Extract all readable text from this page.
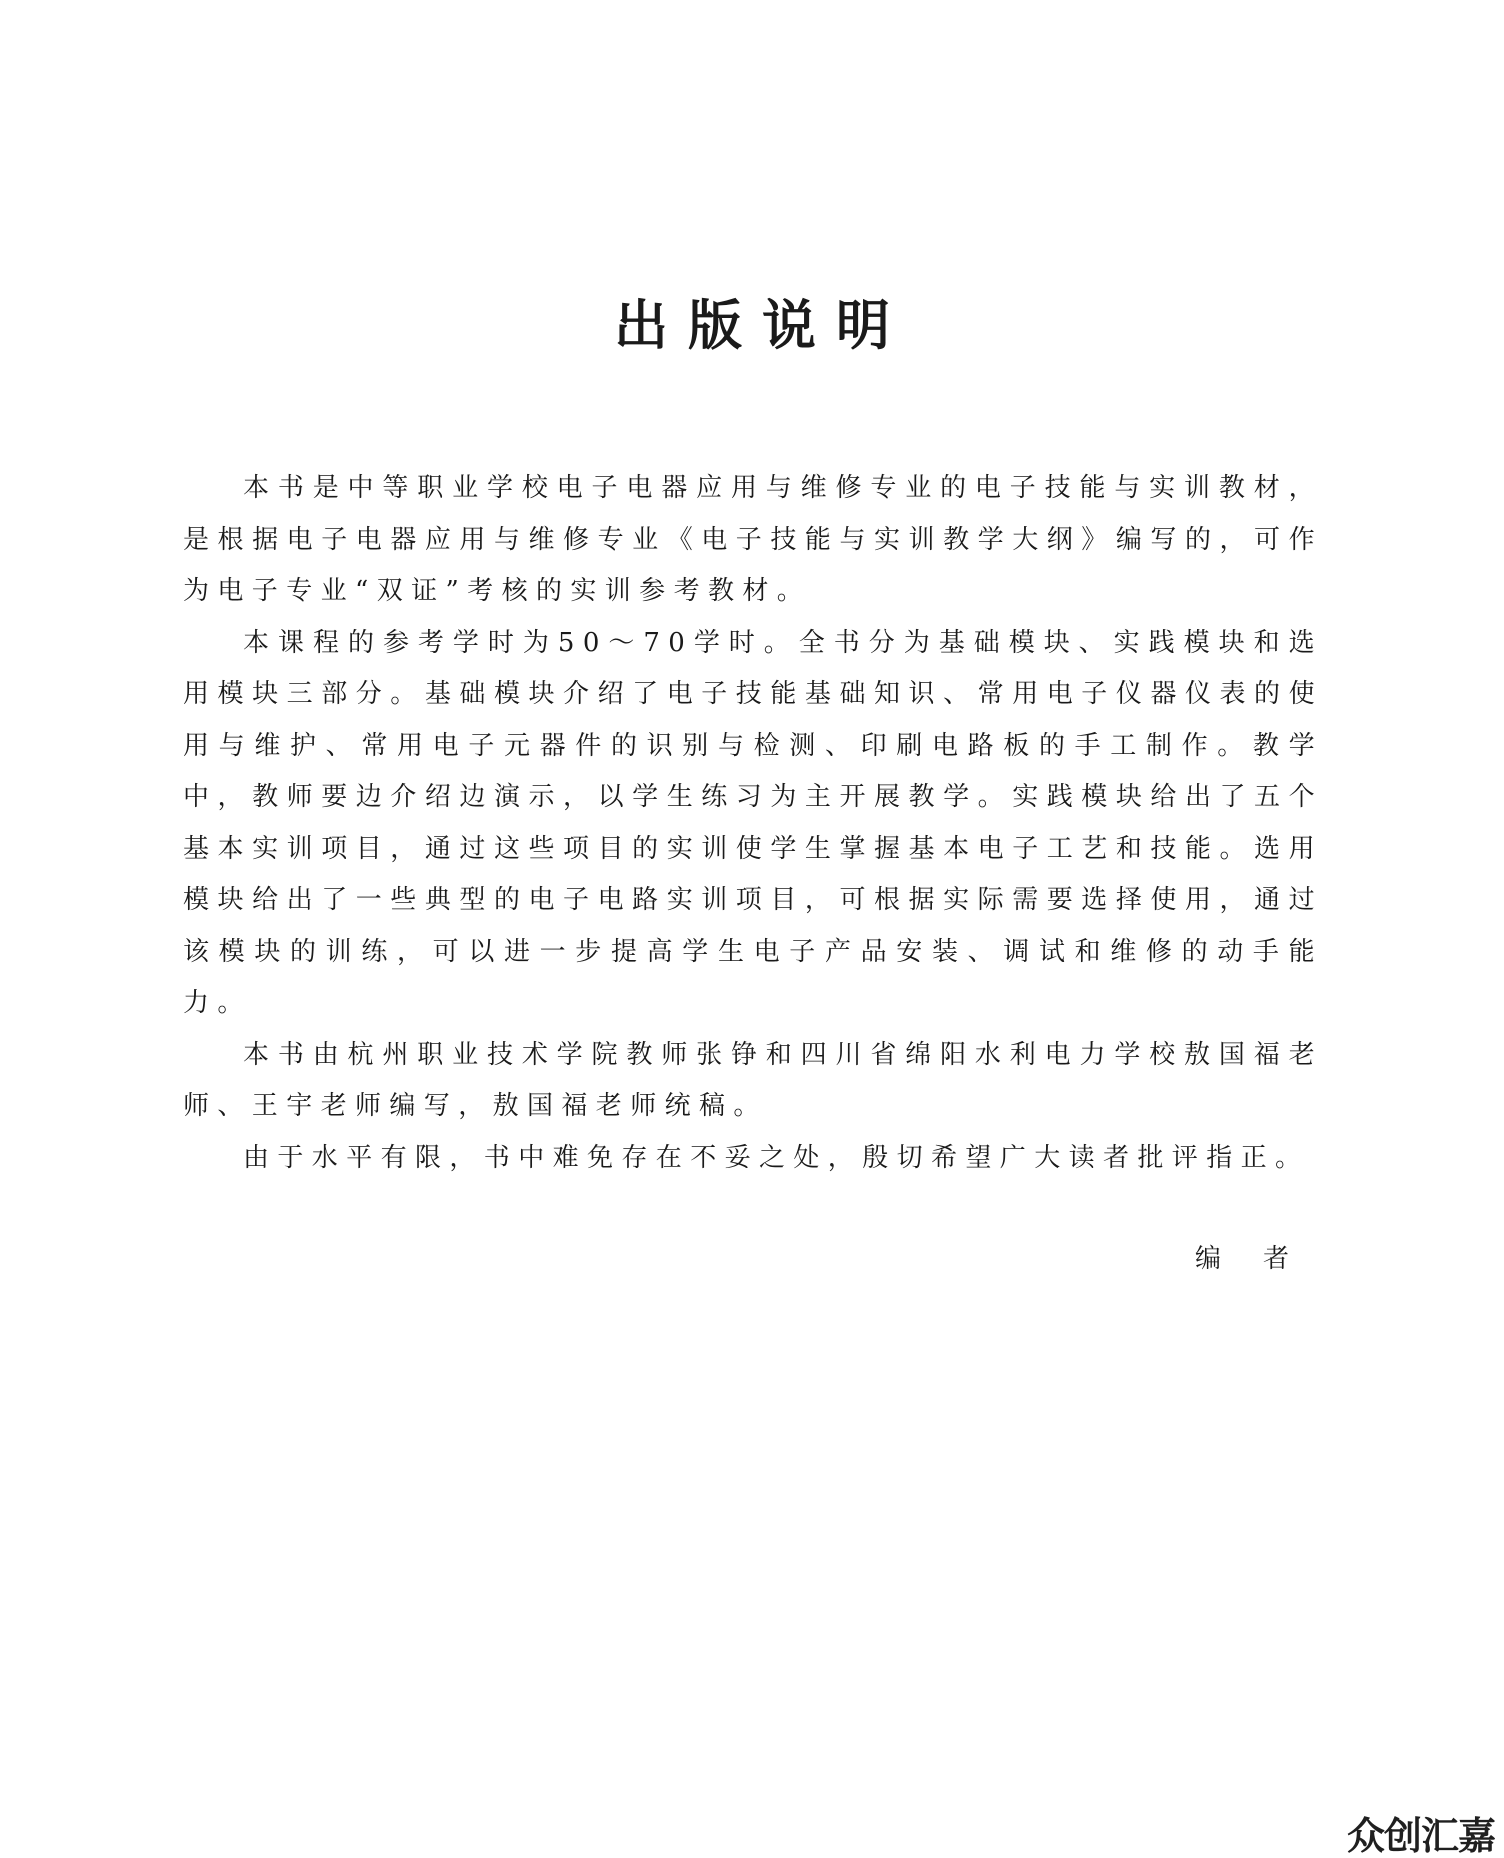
出版说明

本书是中等职业学校电子电器应用与维修专业的电子技能与实训教材，是根据电子电器应用与维修专业《电子技能与实训教学大纲》编写的，可作为电子专业“双证”考核的实训参考教材。

本课程的参考学时为50～70学时。全书分为基础模块、实践模块和选用模块三部分。基础模块介绍了电子技能基础知识、常用电子仪器仪表的使用与维护、常用电子元器件的识别与检测、印刷电路板的手工制作。教学中，教师要边介绍边演示，以学生练习为主开展教学。实践模块给出了五个基本实训项目，通过这些项目的实训使学生掌握基本电子工艺和技能。选用模块给出了一些典型的电子电路实训项目，可根据实际需要选择使用，通过该模块的训练，可以进一步提高学生电子产品安装、调试和维修的动手能力。

本书由杭州职业技术学院教师张铮和四川省绵阳水利电力学校敖国福老师、王宇老师编写，敖国福老师统稿。

由于水平有限，书中难免存在不妥之处，殷切希望广大读者批评指正。

编者
众创汇嘉
